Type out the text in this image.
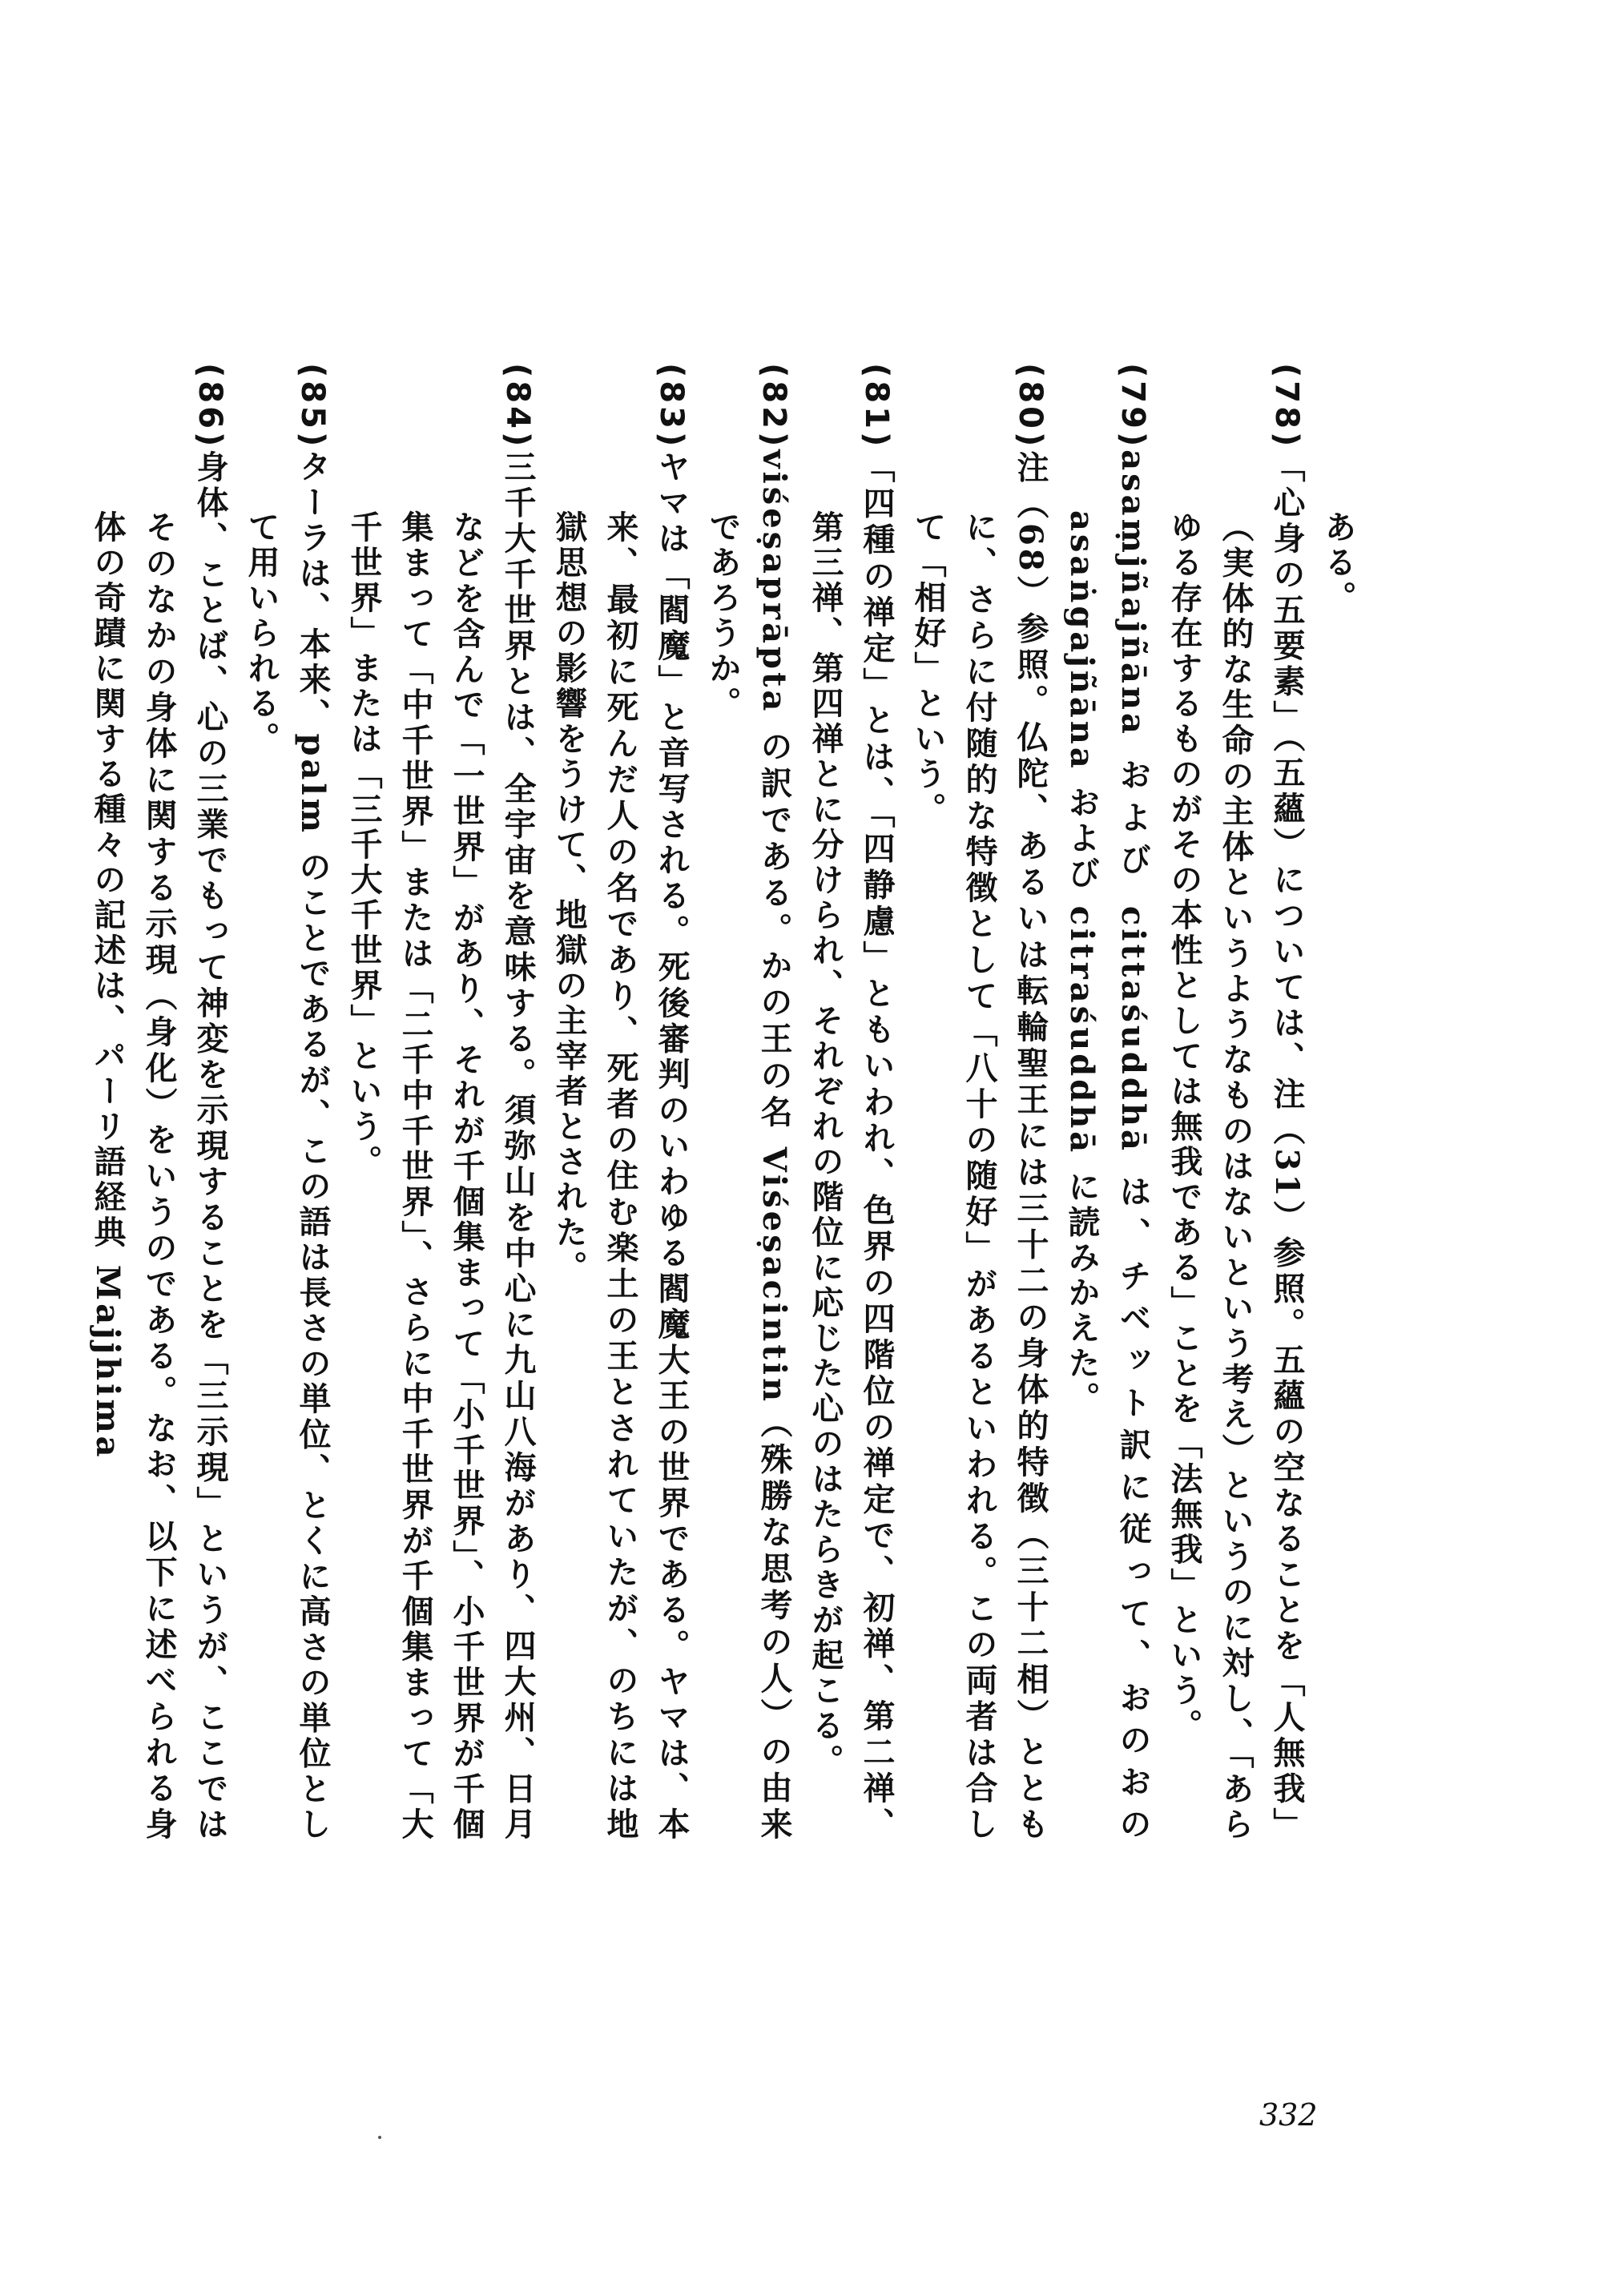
ある。
(78)「心身の五要素」（五蘊）については、注（31）参照。五蘊の空なることを「人無我」（実体的な生命の主体というようなものはないという考え）というのに対し、「あらゆる存在するものがその本性としては無我である」ことを「法無我」という。
(79)asaṃjñajñāna および cittaśuddhā は、チベット訳に従って、おのおの asaṅgajñāna および citraśuddhā に読みかえた。
(80)注（68）参照。仏陀、あるいは転輪聖王には三十二の身体的特徴（三十二相）とともに、さらに付随的な特徴として「八十の随好」があるといわれる。この両者は合して「相好」という。
(81)「四種の禅定」とは、「四静慮」ともいわれ、色界の四階位の禅定で、初禅、第二禅、第三禅、第四禅とに分けられ、それぞれの階位に応じた心のはたらきが起こる。
(82)viśeṣaprāpta の訳である。かの王の名 Viśeṣacintin（殊勝な思考の人）の由来であろうか。
(83)ヤマは「閻魔」と音写される。死後審判のいわゆる閻魔大王の世界である。ヤマは、本来、最初に死んだ人の名であり、死者の住む楽土の王とされていたが、のちには地獄思想の影響をうけて、地獄の主宰者とされた。
(84)三千大千世界とは、全宇宙を意味する。須弥山を中心に九山八海があり、四大州、日月などを含んで「一世界」があり、それが千個集まって「小千世界」、小千世界が千個集まって「中千世界」または「二千中千世界」、さらに中千世界が千個集まって「大千世界」または「三千大千世界」という。
(85)ターラは、本来、palm のことであるが、この語は長さの単位、とくに高さの単位として用いられる。
(86)身体、ことば、心の三業でもって神変を示現することを「三示現」というが、ここではそのなかの身体に関する示現（身化）をいうのである。なお、以下に述べられる身体の奇蹟に関する種々の記述は、パーリ語経典 Majjhima
332
